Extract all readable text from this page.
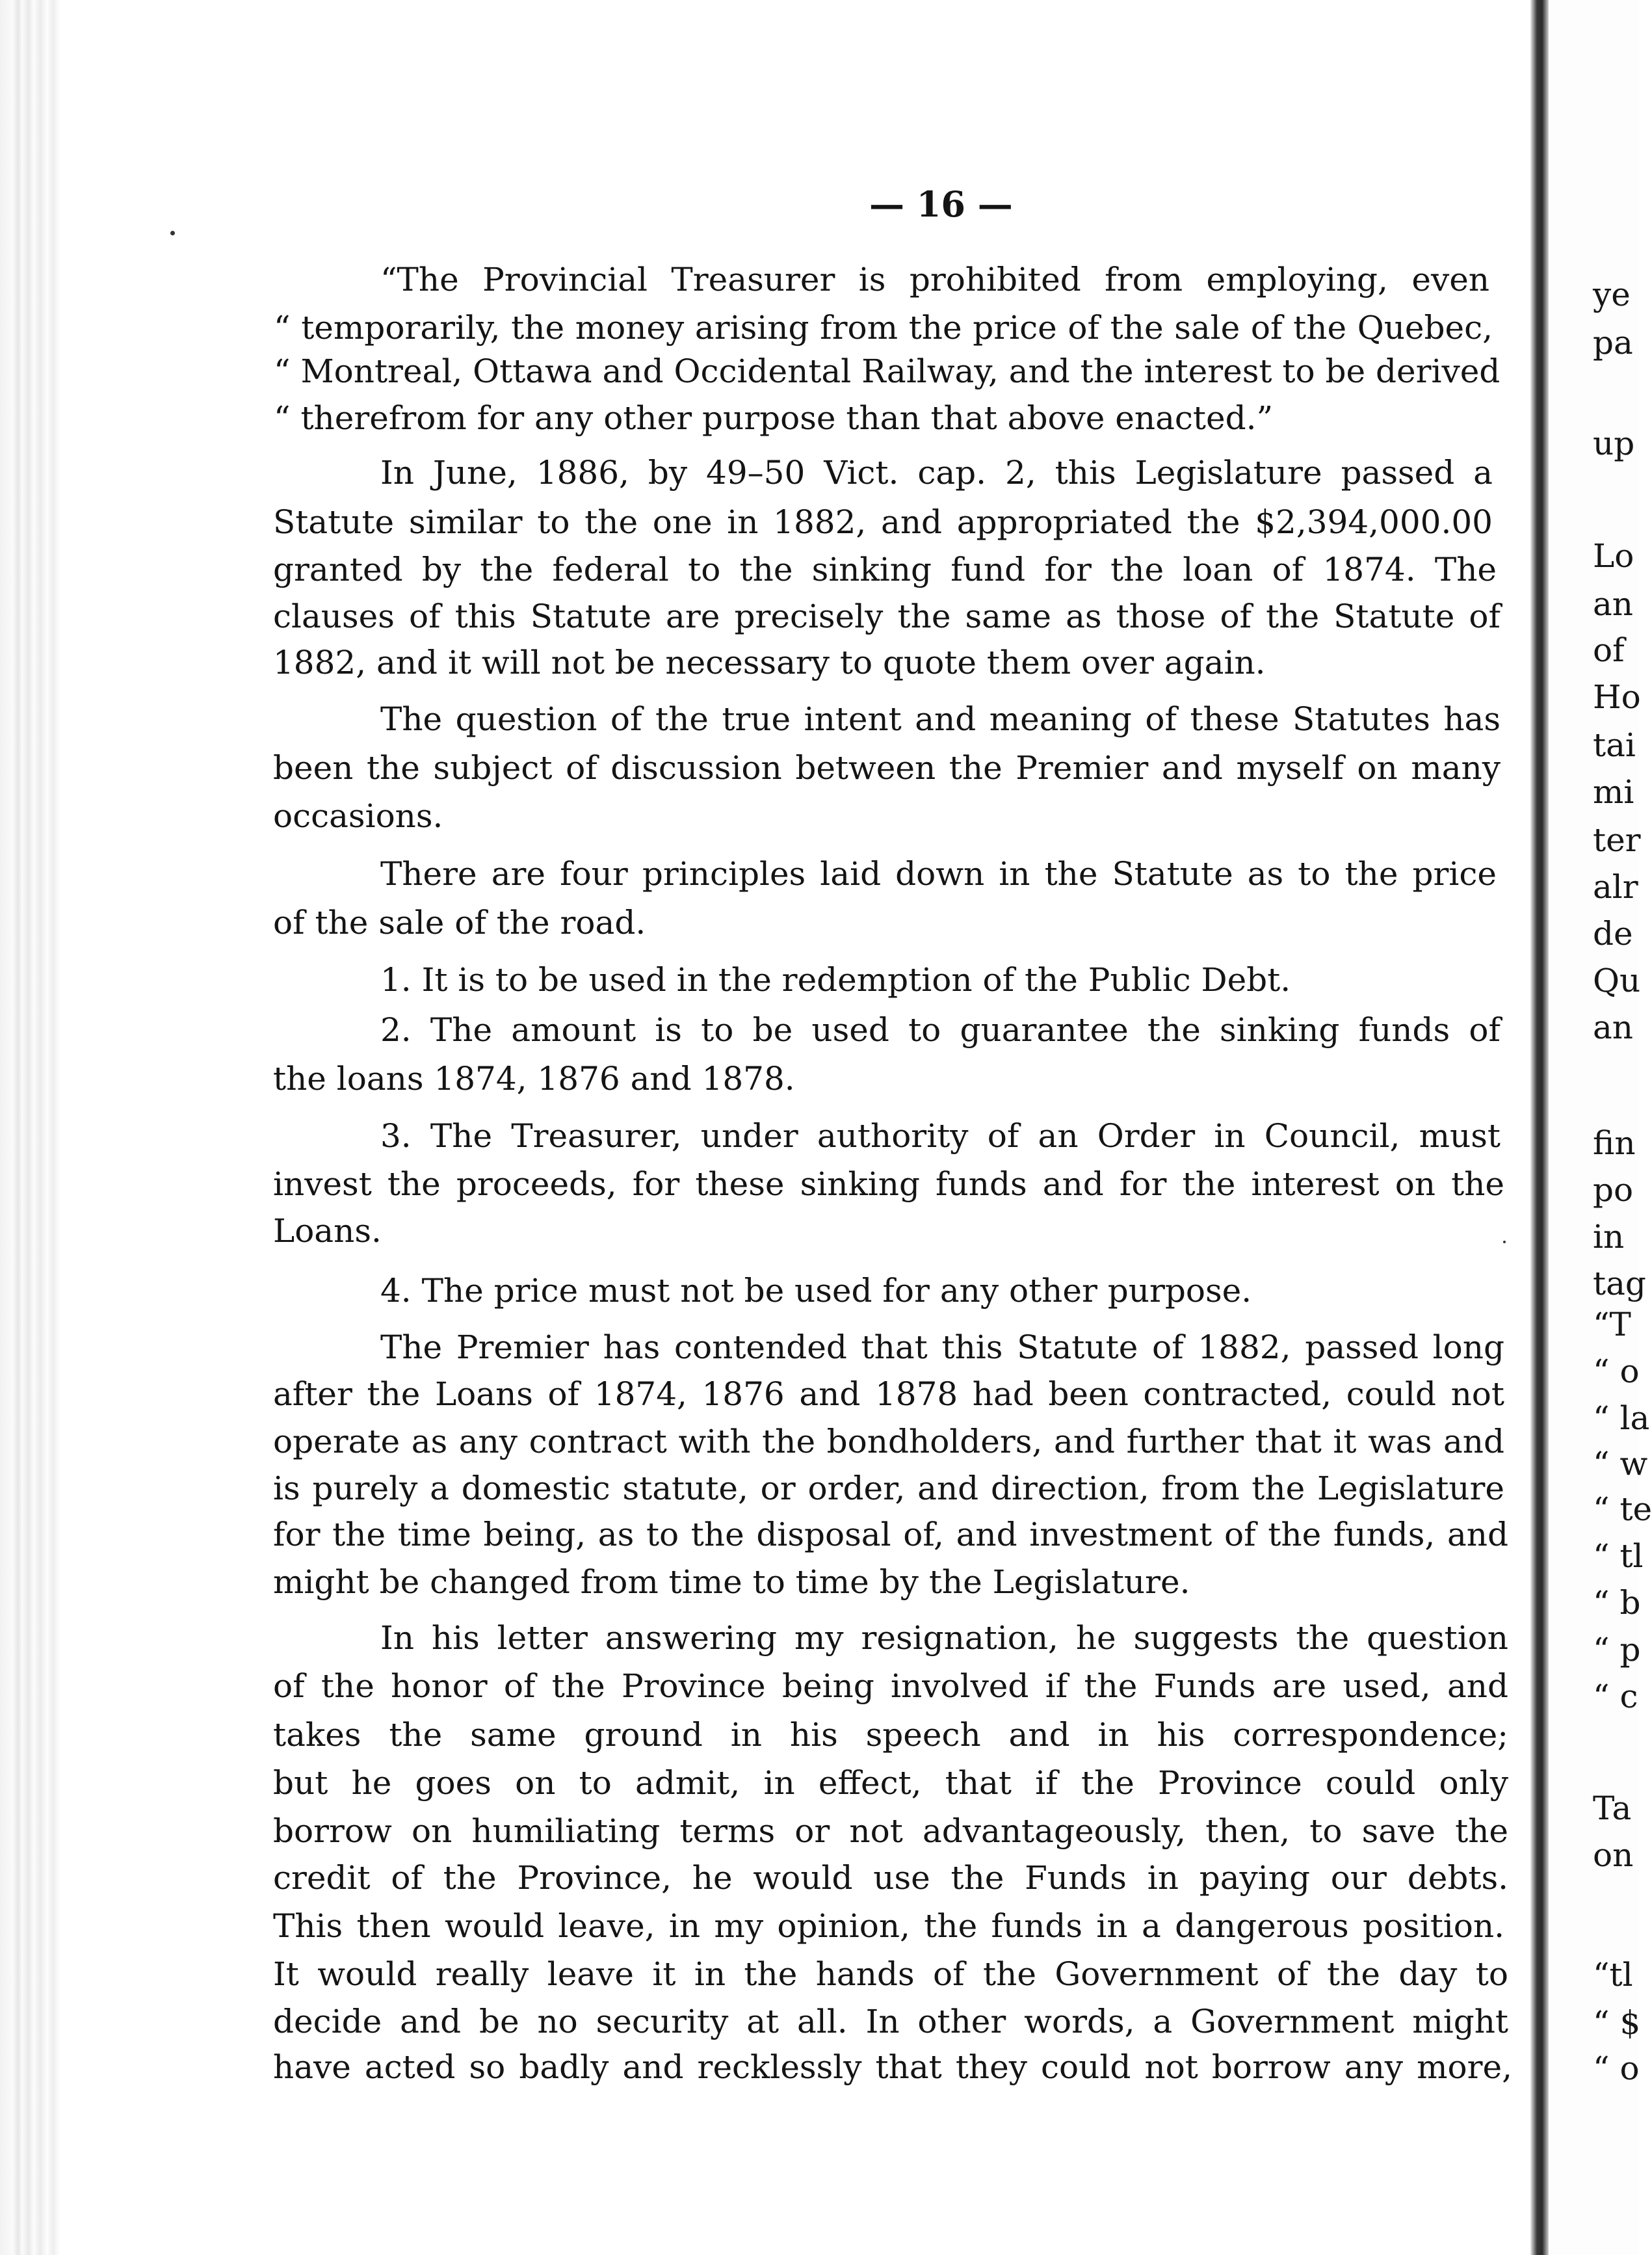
— 16 —
“The Provincial Treasurer is prohibited from employing, even
“ temporarily, the money arising from the price of the sale of the Quebec,
“ Montreal, Ottawa and Occidental Railway, and the interest to be derived
“ therefrom for any other purpose than that above enacted.”
In June, 1886, by 49–50 Vict. cap. 2, this Legislature passed a
Statute similar to the one in 1882, and appropriated the $2,394,000.00
granted by the federal to the sinking fund for the loan of 1874. The
clauses of this Statute are precisely the same as those of the Statute of
1882, and it will not be necessary to quote them over again.
The question of the true intent and meaning of these Statutes has
been the subject of discussion between the Premier and myself on many
occasions.
There are four principles laid down in the Statute as to the price
of the sale of the road.
1. It is to be used in the redemption of the Public Debt.
2. The amount is to be used to guarantee the sinking funds of
the loans 1874, 1876 and 1878.
3. The Treasurer, under authority of an Order in Council, must
invest the proceeds, for these sinking funds and for the interest on the
Loans.
4. The price must not be used for any other purpose.
The Premier has contended that this Statute of 1882, passed long
after the Loans of 1874, 1876 and 1878 had been contracted, could not
operate as any contract with the bondholders, and further that it was and
is purely a domestic statute, or order, and direction, from the Legislature
for the time being, as to the disposal of, and investment of the funds, and
might be changed from time to time by the Legislature.
In his letter answering my resignation, he suggests the question
of the honor of the Province being involved if the Funds are used, and
takes the same ground in his speech and in his correspondence;
but he goes on to admit, in effect, that if the Province could only
borrow on humiliating terms or not advantageously, then, to save the
credit of the Province, he would use the Funds in paying our debts.
This then would leave, in my opinion, the funds in a dangerous position.
It would really leave it in the hands of the Government of the day to
decide and be no security at all. In other words, a Government might
have acted so badly and recklessly that they could not borrow any more,
ye
pa
up
Lo
an
of
Ho
tai
mi
ter
alr
de
Qu
an
fin
po
in
tag
“T
“ o
“ la
“ w
“ te
“ tl
“ b
“ p
“ c
Ta
on
“tl
“ $
“ o
